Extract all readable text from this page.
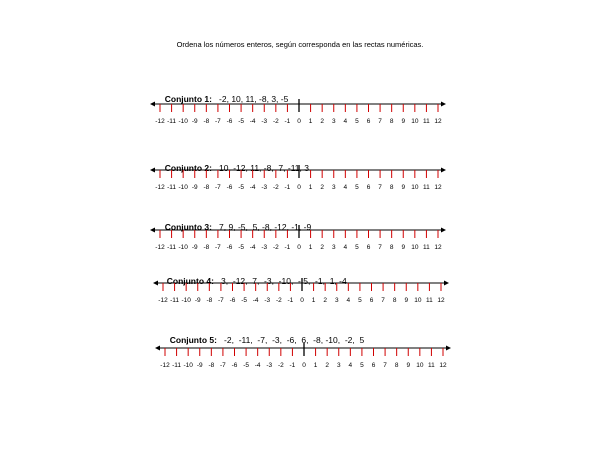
Ordena los números enteros, según corresponda en las rectas numéricas.

Conjunto 1: -2, 10, 11, -8, 3, -5

-12 -11 -10 -9 -8 -7 -6 -5 -4 -3 -2 -1 0 1 2 3 4 5 6 7 8 9 10 11 12

Conjunto 2: 10, -12, 11, -8,  7, -11, 3

-12 -11 -10 -9 -8 -7 -6 -5 -4 -3 -2 -1 0 1 2 3 4 5 6 7 8 9 10 11 12

Conjunto 3: 7, 9, -5,  5, -8, -12, -1, -9

-12 -11 -10 -9 -8 -7 -6 -5 -4 -3 -2 -1 0 1 2 3 4 5 6 7 8 9 10 11 12

Conjunto 4: 3,  -12,  7,  -3,  -10,  - 5,  -1,  1, -4

-12 -11 -10 -9 -8 -7 -6 -5 -4 -3 -2 -1 0 1 2 3 4 5 6 7 8 9 10 11 12

Conjunto 5: -2,  -11,  -7,  -3,  -6,  6,  -8, -10,  -2,  5

-12 -11 -10 -9 -8 -7 -6 -5 -4 -3 -2 -1 0 1 2 3 4 5 6 7 8 9 10 11 12
